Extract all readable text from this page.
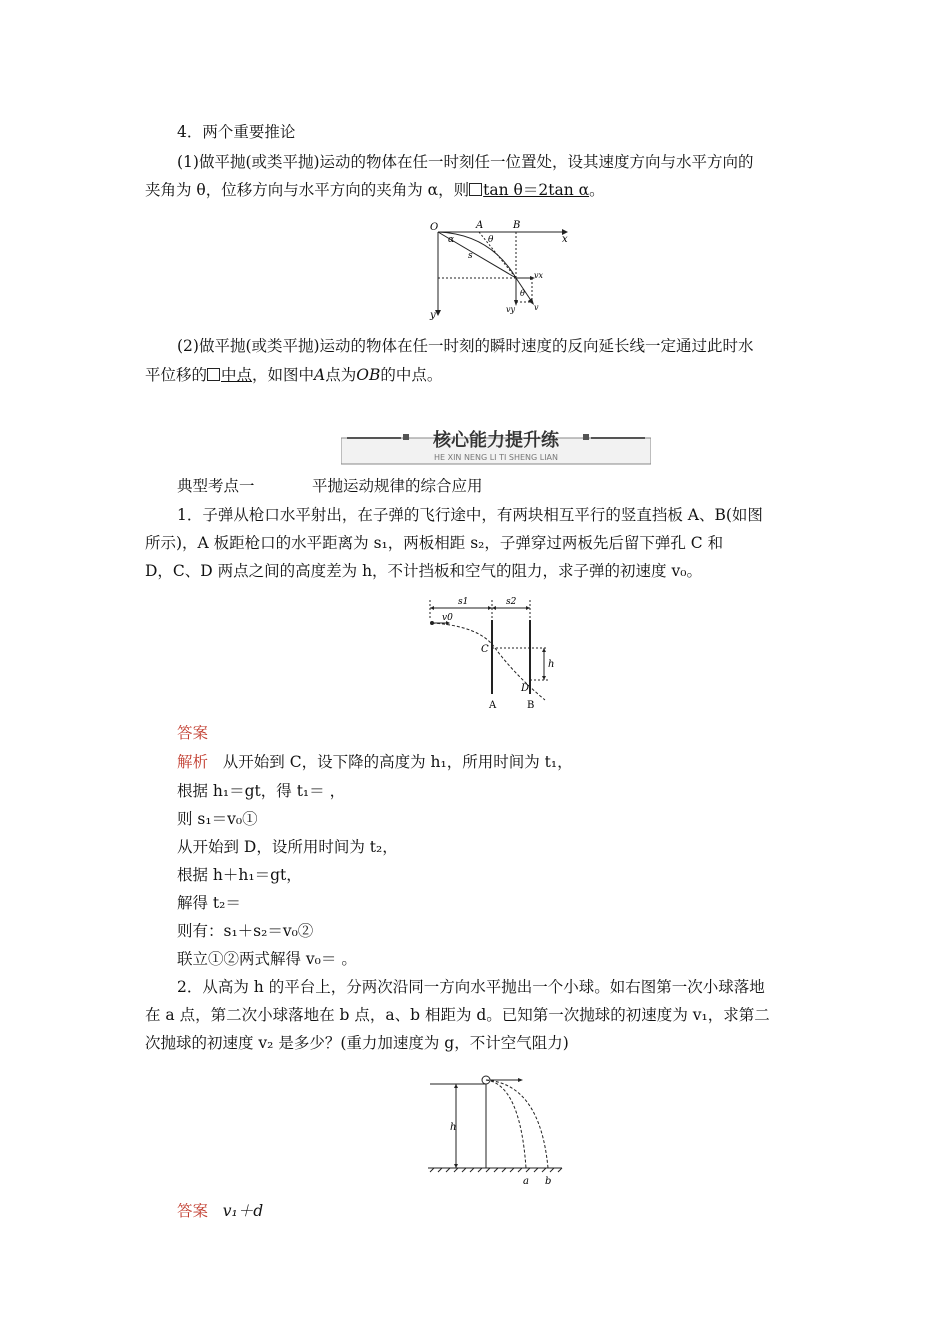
4．两个重要推论
(1)做平抛(或类平抛)运动的物体在任一时刻任一位置处，设其速度方向与水平方向的
夹角为 θ，位移方向与水平方向的夹角为 α，则 tan θ＝2tan α。
O	A	B
x
y
α	θ
s
vx
vy v
θ
(2)做平抛(或类平抛)运动的物体在任一时刻的瞬时速度的反向延长线一定通过此时水
平位移的 中点，如图中A点为OB的中点。
核心能力提升练
HE XIN NENG LI TI SHENG LIAN
典型考点一	平抛运动规律的综合应用
1．子弹从枪口水平射出，在子弹的飞行途中，有两块相互平行的竖直挡板 A、B(如图
所示)，A 板距枪口的水平距离为 s₁，两板相距 s₂，子弹穿过两板先后留下弹孔 C 和
D，C、D 两点之间的高度差为 h，不计挡板和空气的阻力，求子弹的初速度 v₀。
s1	s2
v0
C
D
h
A	B
答案
解析 从开始到 C，设下降的高度为 h₁，所用时间为 t₁，
根据 h₁＝gt，得 t₁＝ ，
则 s₁＝v₀①
从开始到 D，设所用时间为 t₂，
根据 h＋h₁＝gt，
解得 t₂＝
则有：s₁＋s₂＝v₀②
联立①②两式解得 v₀＝ 。
2．从高为 h 的平台上，分两次沿同一方向水平抛出一个小球。如右图第一次小球落地
在 a 点，第二次小球落地在 b 点，a、b 相距为 d。已知第一次抛球的初速度为 v₁，求第二
次抛球的初速度 v₂ 是多少？(重力加速度为 g，不计空气阻力)
h
a b
答案 v₁＋d
